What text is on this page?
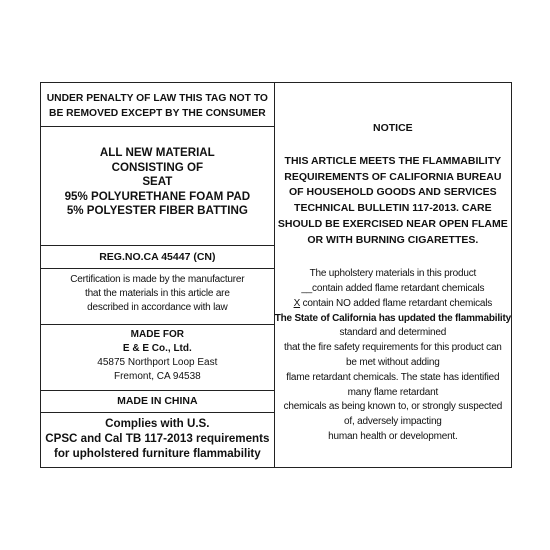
UNDER PENALTY OF LAW THIS TAG NOT TO
BE REMOVED EXCEPT BY THE CONSUMER
ALL NEW MATERIAL
CONSISTING OF
SEAT
95% POLYURETHANE FOAM PAD
5% POLYESTER FIBER BATTING
REG.NO.CA 45447 (CN)
Certification is made by the manufacturer
that the materials in this article are
described in accordance with law
MADE FOR
E & E Co., Ltd.
45875 Northport Loop East
Fremont, CA 94538
MADE IN CHINA
Complies with U.S.
CPSC and Cal TB 117-2013 requirements
for upholstered furniture flammability
NOTICE
THIS ARTICLE MEETS THE FLAMMABILITY
REQUIREMENTS OF CALIFORNIA BUREAU
OF HOUSEHOLD GOODS AND SERVICES
TECHNICAL BULLETIN 117-2013. CARE
SHOULD BE EXERCISED NEAR OPEN FLAME
OR WITH BURNING CIGARETTES.
The upholstery materials in this product
__contain added flame retardant chemicals
X contain NO added flame retardant chemicals
The State of California has updated the flammability
standard and determined
that the fire safety requirements for this product can
be met without adding
flame retardant chemicals. The state has identified
many flame retardant
chemicals as being known to, or strongly suspected
of, adversely impacting
human health or development.
